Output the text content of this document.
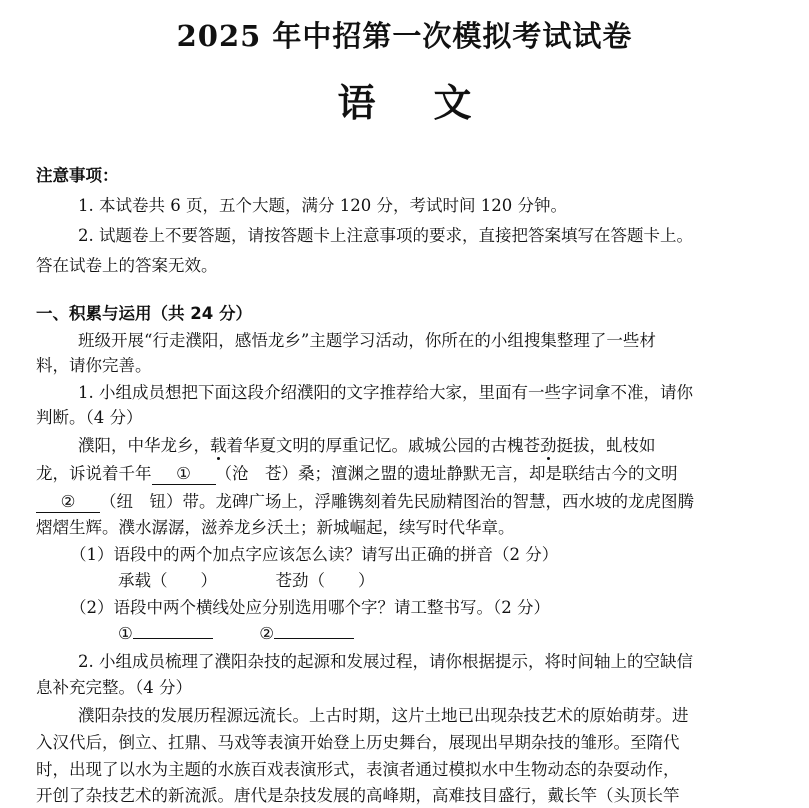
2025 年中招第一次模拟考试试卷
语文
注意事项：
1. 本试卷共 6 页，五个大题，满分 120 分，考试时间 120 分钟。
2. 试题卷上不要答题，请按答题卡上注意事项的要求，直接把答案填写在答题卡上。
答在试卷上的答案无效。
一、积累与运用（共 24 分）
班级开展“行走濮阳，感悟龙乡”主题学习活动，你所在的小组搜集整理了一些材
料，请你完善。
1. 小组成员想把下面这段介绍濮阳的文字推荐给大家，里面有一些字词拿不准，请你
判断。（4 分）
濮阳，中华龙乡，载着华夏文明的厚重记忆。戚城公园的古槐苍劲挺拔，虬枝如
龙，诉说着千年 ① （沧　苍）桑；澶渊之盟的遗址静默无言，却是联结古今的文明
② （纽　钮）带。龙碑广场上，浮雕镌刻着先民励精图治的智慧，西水坡的龙虎图腾
熠熠生辉。濮水潺潺，滋养龙乡沃土；新城崛起，续写时代华章。
（1）语段中的两个加点字应该怎么读？请写出正确的拼音（2 分）
承载（　　）	苍劲（　　）
（2）语段中两个横线处应分别选用哪个字？请工整书写。（2 分）
①	②
2. 小组成员梳理了濮阳杂技的起源和发展过程，请你根据提示，将时间轴上的空缺信
息补充完整。（4 分）
濮阳杂技的发展历程源远流长。上古时期，这片土地已出现杂技艺术的原始萌芽。进
入汉代后，倒立、扛鼎、马戏等表演开始登上历史舞台，展现出早期杂技的雏形。至隋代
时，出现了以水为主题的水族百戏表演形式，表演者通过模拟水中生物动态的杂耍动作，
开创了杂技艺术的新流派。唐代是杂技发展的高峰期，高难技目盛行，戴长竿（头顶长竿
